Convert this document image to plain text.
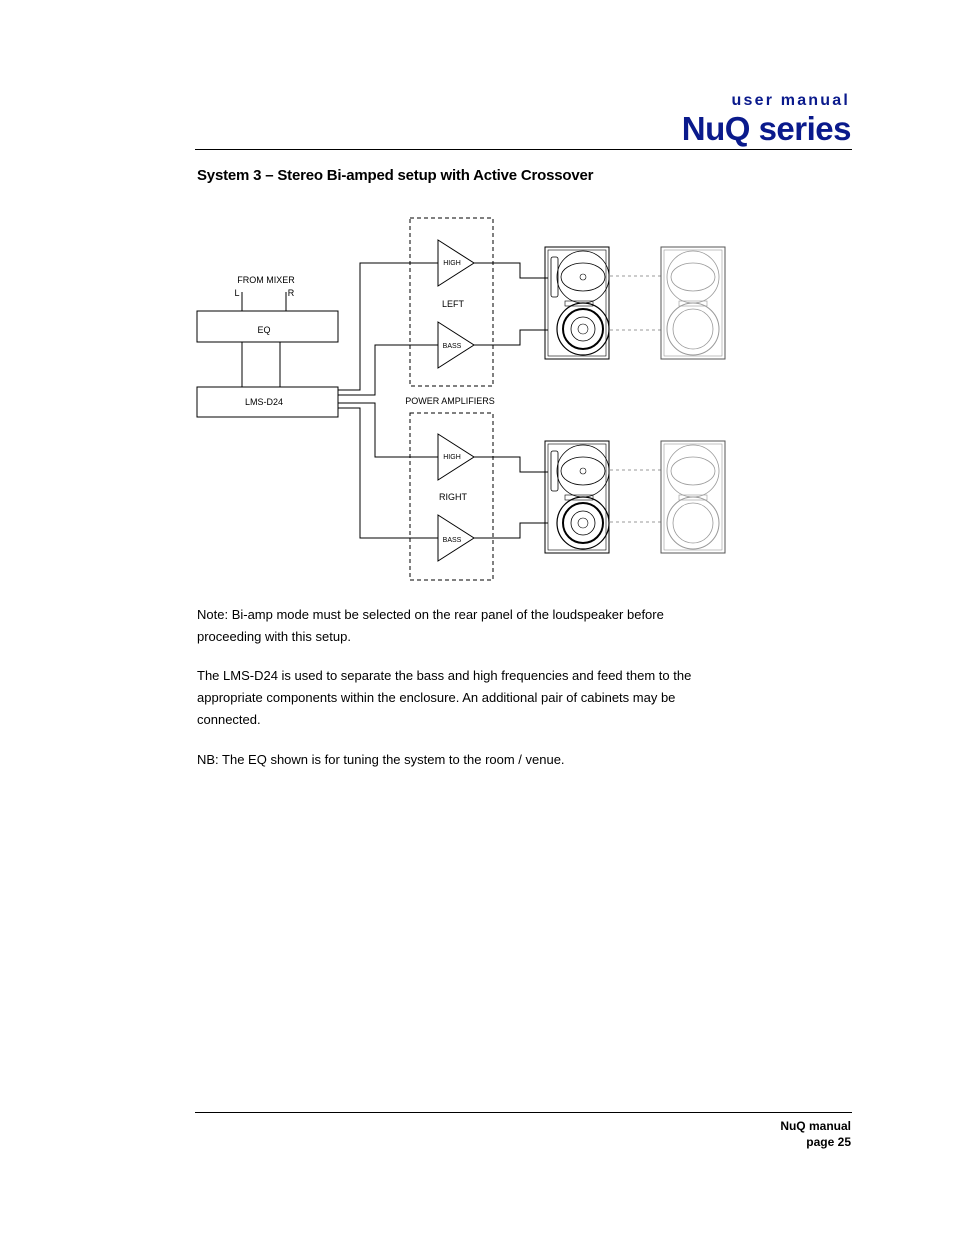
user manual
NuQ series
System 3 – Stereo Bi-amped setup with Active Crossover
FROM MIXER
L	R
EQ
LMS-D24	POWER AMPLIFIERS
LEFT
RIGHT
HIGH
BASS
HIGH
BASS
Note: Bi-amp mode must be selected on the rear panel of the loudspeaker before proceeding with this setup.
The LMS-D24 is used to separate the bass and high frequencies and feed them to the appropriate components within the enclosure. An additional pair of cabinets may be connected.
NB: The EQ shown is for tuning the system to the room / venue.
NuQ manual
page 25
